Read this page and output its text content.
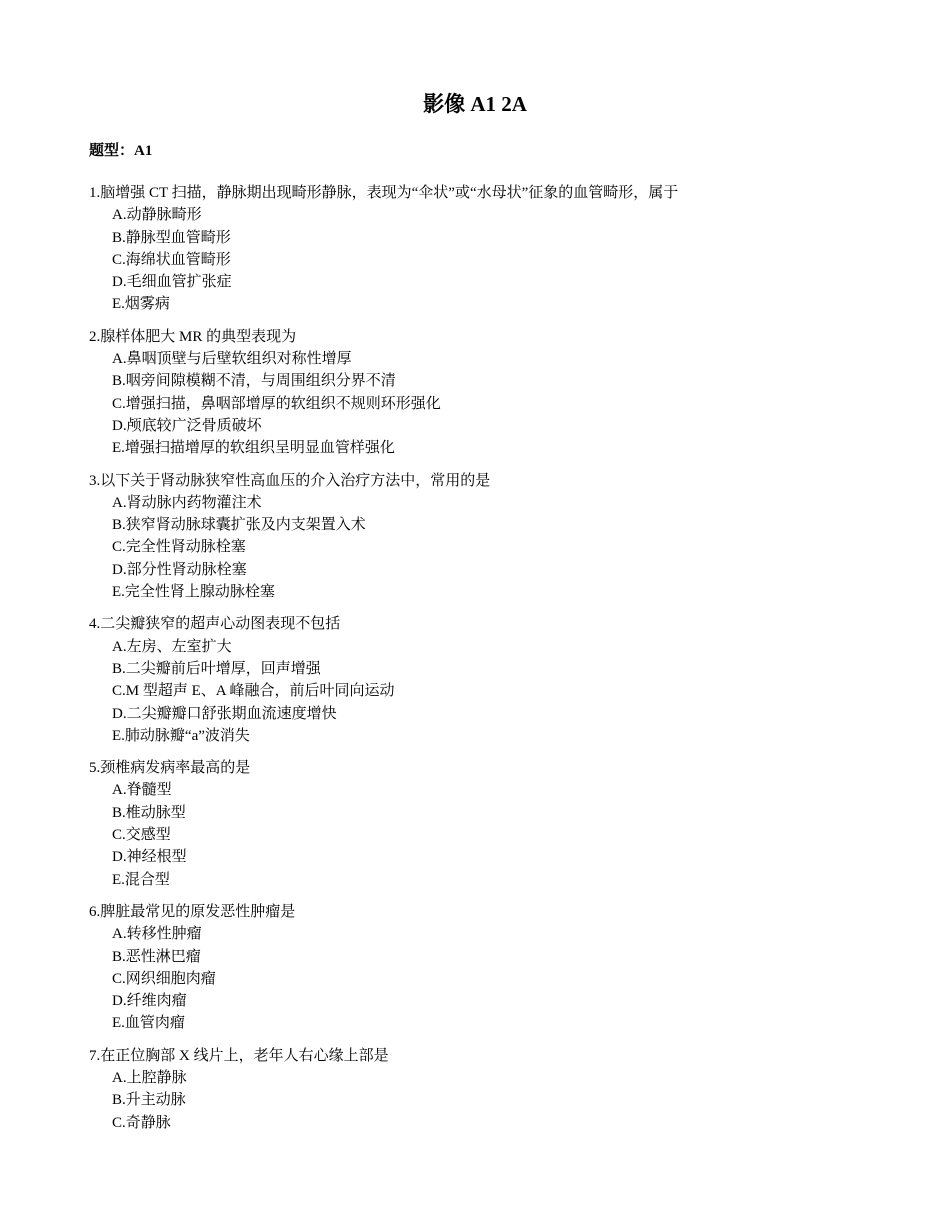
影像 A1 2A

题型：A1

1.脑增强 CT 扫描，静脉期出现畸形静脉，表现为“伞状”或“水母状”征象的血管畸形，属于
A.动静脉畸形
B.静脉型血管畸形
C.海绵状血管畸形
D.毛细血管扩张症
E.烟雾病
2.腺样体肥大 MR 的典型表现为
A.鼻咽顶壁与后壁软组织对称性增厚
B.咽旁间隙模糊不清，与周围组织分界不清
C.增强扫描，鼻咽部增厚的软组织不规则环形强化
D.颅底较广泛骨质破坏
E.增强扫描增厚的软组织呈明显血管样强化
3.以下关于肾动脉狭窄性高血压的介入治疗方法中，常用的是
A.肾动脉内药物灌注术
B.狭窄肾动脉球囊扩张及内支架置入术
C.完全性肾动脉栓塞
D.部分性肾动脉栓塞
E.完全性肾上腺动脉栓塞
4.二尖瓣狭窄的超声心动图表现不包括
A.左房、左室扩大
B.二尖瓣前后叶增厚，回声增强
C.M 型超声 E、A 峰融合，前后叶同向运动
D.二尖瓣瓣口舒张期血流速度增快
E.肺动脉瓣“a”波消失
5.颈椎病发病率最高的是
A.脊髓型
B.椎动脉型
C.交感型
D.神经根型
E.混合型
6.脾脏最常见的原发恶性肿瘤是
A.转移性肿瘤
B.恶性淋巴瘤
C.网织细胞肉瘤
D.纤维肉瘤
E.血管肉瘤
7.在正位胸部 X 线片上，老年人右心缘上部是
A.上腔静脉
B.升主动脉
C.奇静脉
